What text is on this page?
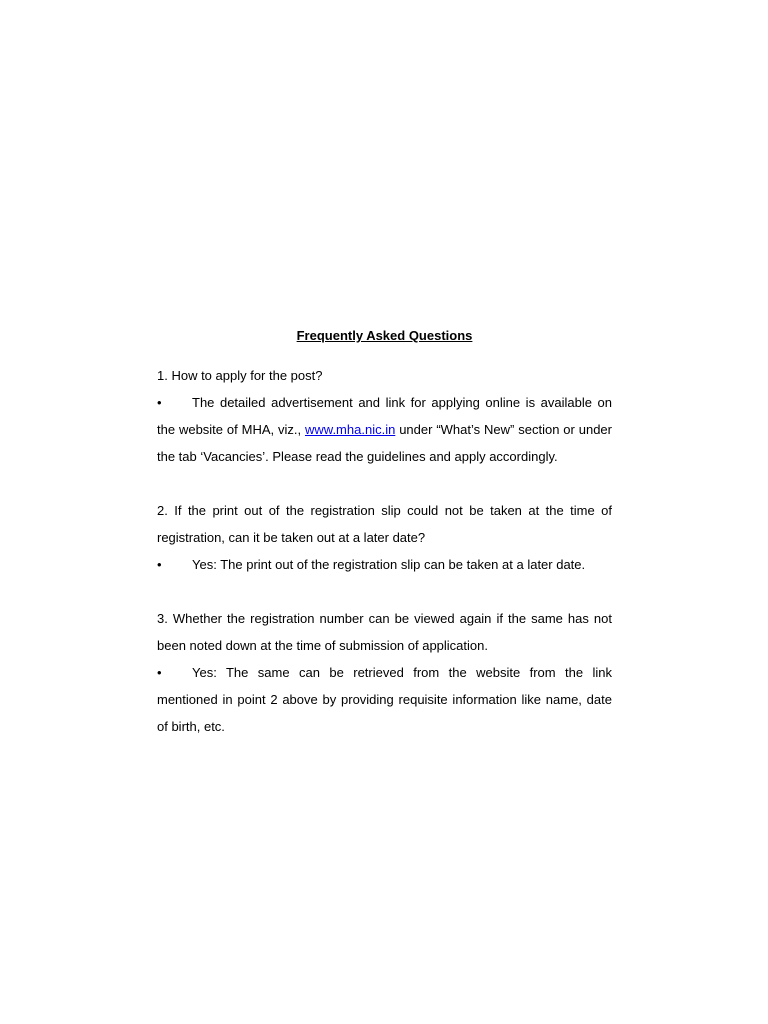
Frequently Asked Questions

1. How to apply for the post?

• The detailed advertisement and link for applying online is available on the website of MHA, viz., www.mha.nic.in under “What’s New” section or under the tab ‘Vacancies’. Please read the guidelines and apply accordingly.

2. If the print out of the registration slip could not be taken at the time of registration, can it be taken out at a later date?

• Yes: The print out of the registration slip can be taken at a later date.

3. Whether the registration number can be viewed again if the same has not been noted down at the time of submission of application.

• Yes: The same can be retrieved from the website from the link mentioned in point 2 above by providing requisite information like name, date of birth, etc.
